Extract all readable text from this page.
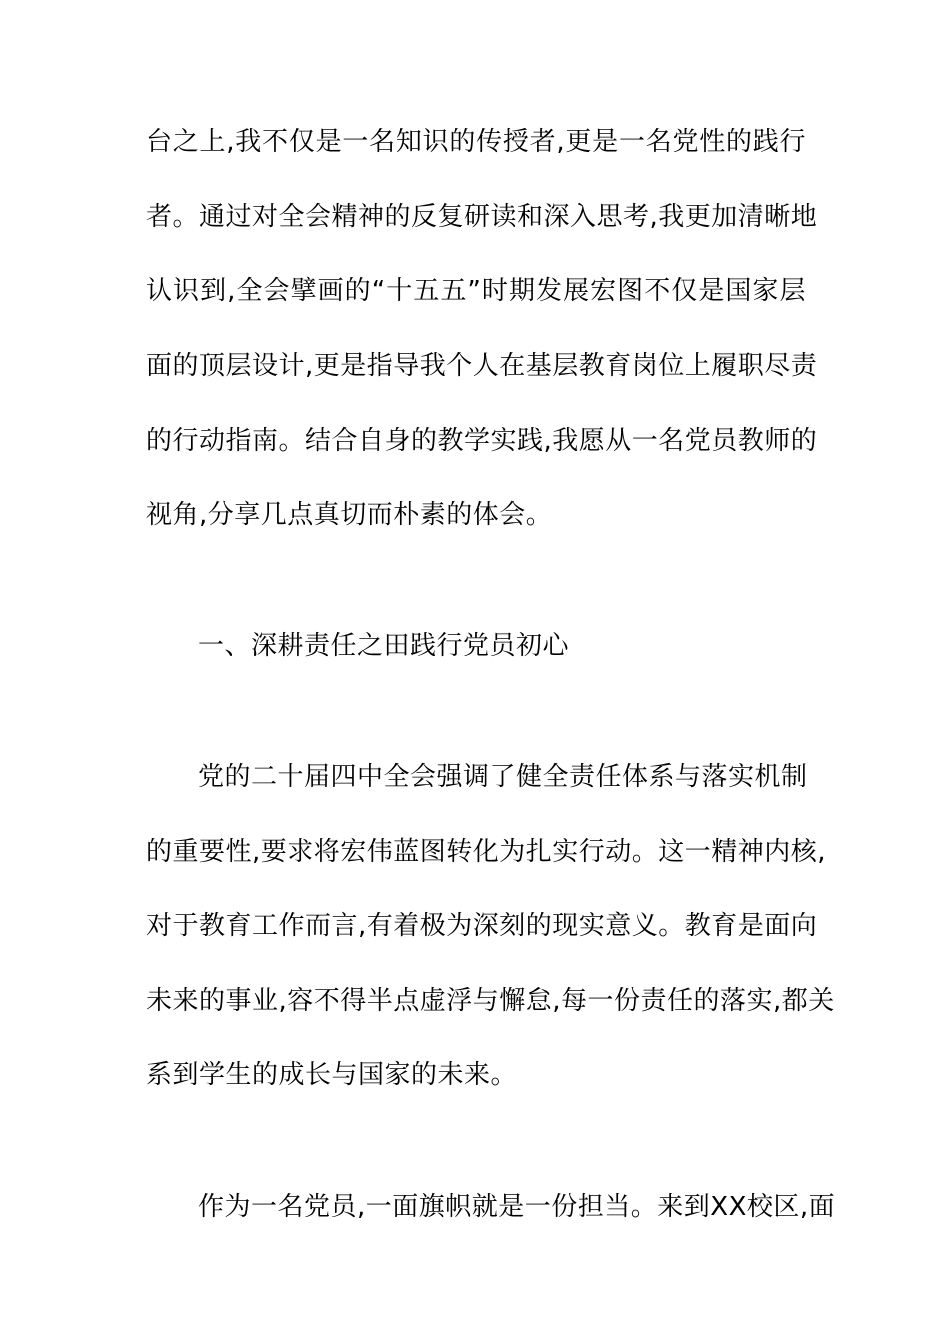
台之上,我不仅是一名知识的传授者,更是一名党性的践行
者。通过对全会精神的反复研读和深入思考,我更加清晰地
认识到,全会擘画的“十五五”时期发展宏图不仅是国家层
面的顶层设计,更是指导我个人在基层教育岗位上履职尽责
的行动指南。结合自身的教学实践,我愿从一名党员教师的
视角,分享几点真切而朴素的体会。
一、深耕责任之田践行党员初心
党的二十届四中全会强调了健全责任体系与落实机制
的重要性,要求将宏伟蓝图转化为扎实行动。这一精神内核,
对于教育工作而言,有着极为深刻的现实意义。教育是面向
未来的事业,容不得半点虚浮与懈怠,每一份责任的落实,都关
系到学生的成长与国家的未来。
作为一名党员,一面旗帜就是一份担当。来到XX校区,面
